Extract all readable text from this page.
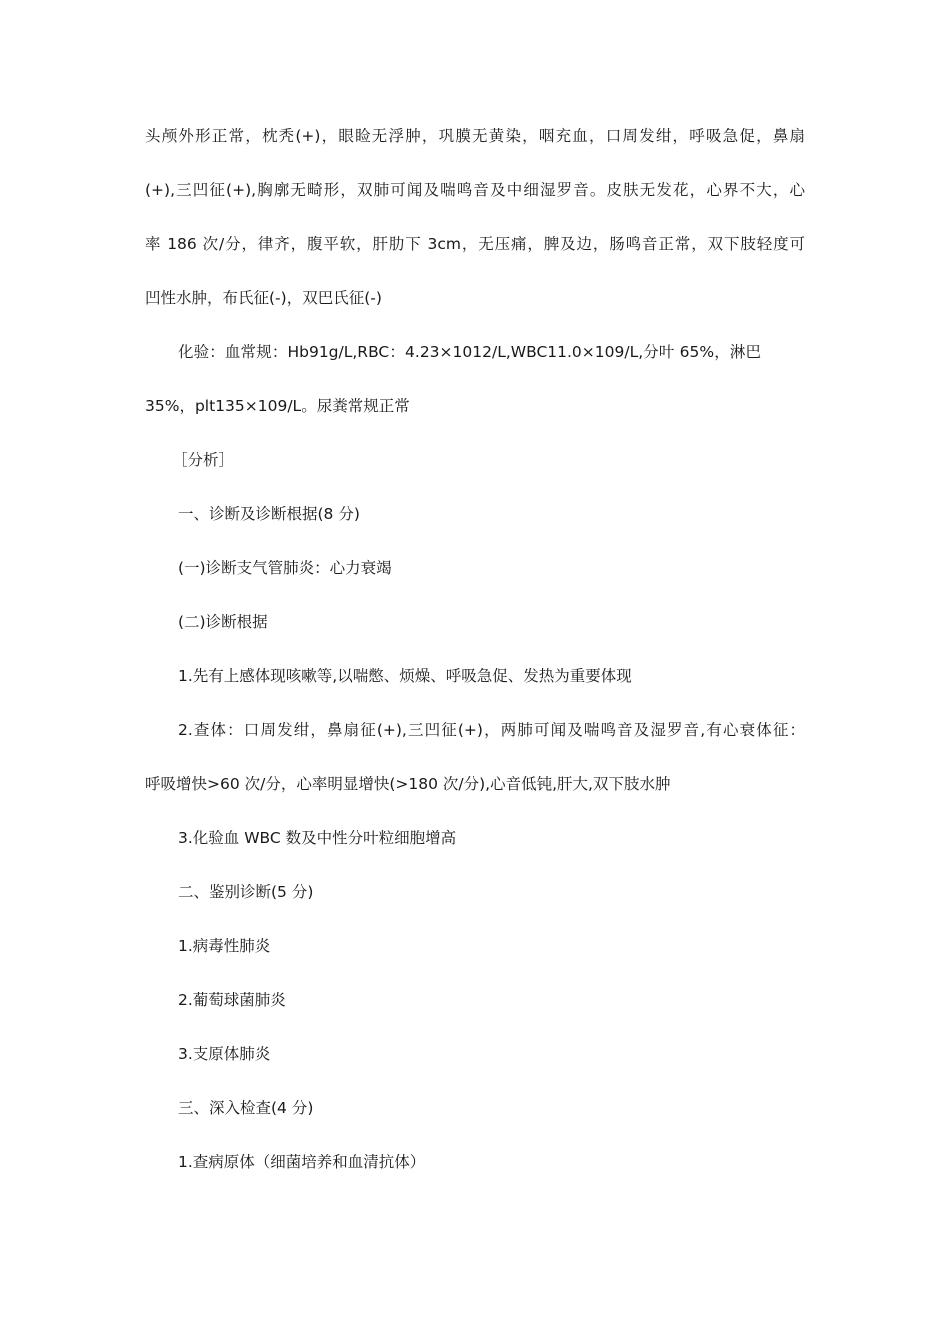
头颅外形正常，枕秃(+)，眼睑无浮肿，巩膜无黄染，咽充血，口周发绀，呼吸急促，鼻扇
(+),三凹征(+),胸廓无畸形，双肺可闻及喘鸣音及中细湿罗音。皮肤无发花，心界不大，心
率 186 次/分，律齐，腹平软，肝肋下 3cm，无压痛，脾及边，肠鸣音正常，双下肢轻度可
凹性水肿，布氏征(-)，双巴氏征(-)
化验：血常规：Hb91g/L,RBC：4.23×1012/L,WBC11.0×109/L,分叶 65%，淋巴
35%，plt135×109/L。尿粪常规正常
［分析］
一、诊断及诊断根据(8 分)
(一)诊断支气管肺炎：心力衰竭
(二)诊断根据
1.先有上感体现咳嗽等,以喘憋、烦燥、呼吸急促、发热为重要体现
2.查体：口周发绀，鼻扇征(+),三凹征(+)，两肺可闻及喘鸣音及湿罗音,有心衰体征：
呼吸增快>60 次/分，心率明显增快(>180 次/分),心音低钝,肝大,双下肢水肿
3.化验血 WBC 数及中性分叶粒细胞增高
二、鉴别诊断(5 分)
1.病毒性肺炎
2.葡萄球菌肺炎
3.支原体肺炎
三、深入检查(4 分)
1.查病原体（细菌培养和血清抗体）
